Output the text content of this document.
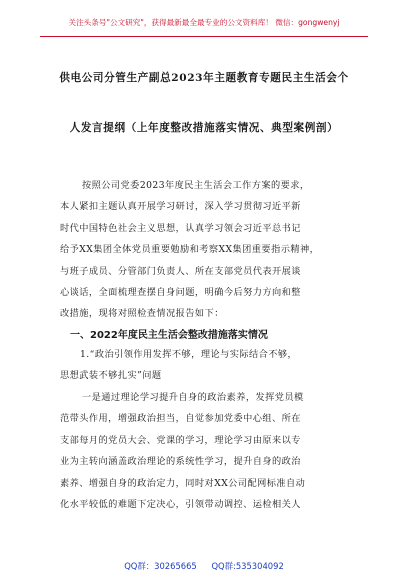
关注头条号"公文研究"，获得最新最全最专业的公文资料库！ 微信：gongwenyj
供电公司分管生产副总2023年主题教育专题民主生活会个
人发言提纲（上年度整改措施落实情况、典型案例剖）
按照公司党委2023年度民主生活会工作方案的要求，
本人紧扣主题认真开展学习研讨，深入学习贯彻习近平新
时代中国特色社会主义思想，认真学习领会习近平总书记
给予XX集团全体党员重要勉励和考察XX集团重要指示精神，
与班子成员、分管部门负责人、所在支部党员代表开展谈
心谈话，全面梳理查摆自身问题，明确今后努力方向和整
改措施，现将对照检查情况报告如下：
一、2022年度民主生活会整改措施落实情况
1.“政治引领作用发挥不够，理论与实际结合不够，
思想武装不够扎实”问题
一是通过理论学习提升自身的政治素养，发挥党员模
范带头作用，增强政治担当，自觉参加党委中心组、所在
支部每月的党员大会、党课的学习，理论学习由原来以专
业为主转向涵盖政治理论的系统性学习，提升自身的政治
素养、增强自身的政治定力，同时对XX公司配网标准自动
化水平较低的难题下定决心，引领带动调控、运检相关人
QQ群：30265665 QQ群:535304092
